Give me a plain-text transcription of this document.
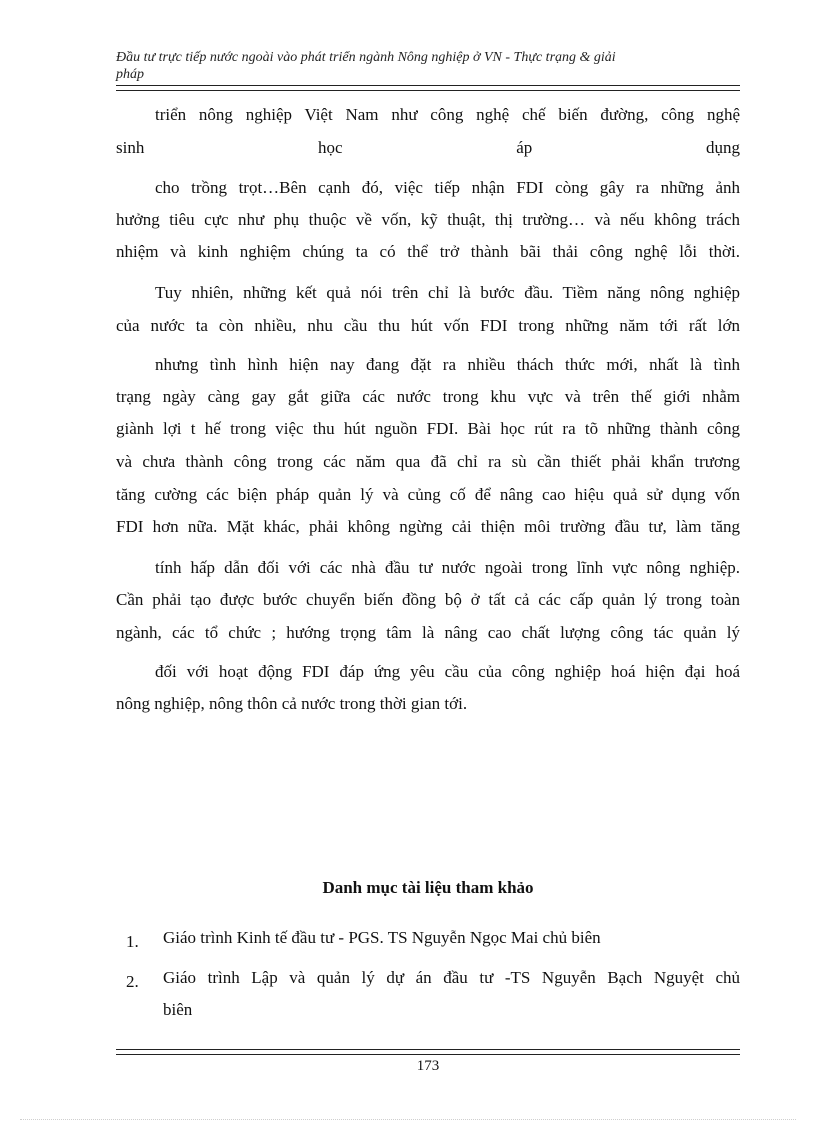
Đầu tư trực tiếp nước ngoài vào phát triển ngành Nông nghiệp ở VN - Thực trạng & giải
pháp
triển nông nghiệp Việt Nam như công nghệ chế biến đường, công nghệ
sinh học áp dụng
cho trồng trọt…Bên cạnh đó, việc tiếp nhận FDI còng gây ra những ảnh
hưởng tiêu cực như phụ thuộc về vốn, kỹ thuật, thị trường… và nếu không trách
nhiệm và kinh nghiệm chúng ta có thể trở thành bãi thải công nghệ lỗi thời.
Tuy nhiên, những kết quả nói trên chỉ là bước đầu. Tiềm năng nông nghiệp
của nước ta còn nhiều, nhu cầu thu hút vốn FDI trong những năm tới rất lớn
nhưng tình hình hiện nay đang đặt ra nhiều thách thức mới, nhất là tình
trạng ngày càng gay gắt giữa các nước trong khu vực và trên thế giới nhằm
giành lợi t hế trong việc thu hút nguồn FDI. Bài học rút ra tõ những thành công
và chưa thành công trong các năm qua đã chỉ ra sù cần thiết phải khẩn trương
tăng cường các biện pháp quản lý và củng cố để nâng cao hiệu quả sử dụng vốn
FDI hơn nữa. Mặt khác, phải không ngừng cải thiện môi trường đầu tư, làm tăng
tính hấp dẫn đối với các nhà đầu tư nước ngoài trong lĩnh vực nông nghiệp.
Cần phải tạo được bước chuyển biến đồng bộ ở tất cả các cấp quản lý trong toàn
ngành, các tổ chức ; hướng trọng tâm là nâng cao chất lượng công tác quản lý
đối với hoạt động FDI đáp ứng yêu cầu của công nghiệp hoá hiện đại hoá
nông nghiệp, nông thôn cả nước trong thời gian tới.
Danh mục tài liệu tham khảo
1. Giáo trình Kinh tế đầu tư - PGS. TS Nguyễn Ngọc Mai chủ biên
2. Giáo trình Lập và quản lý dự án đầu tư -TS Nguyễn Bạch Nguyệt chủ
biên
173
